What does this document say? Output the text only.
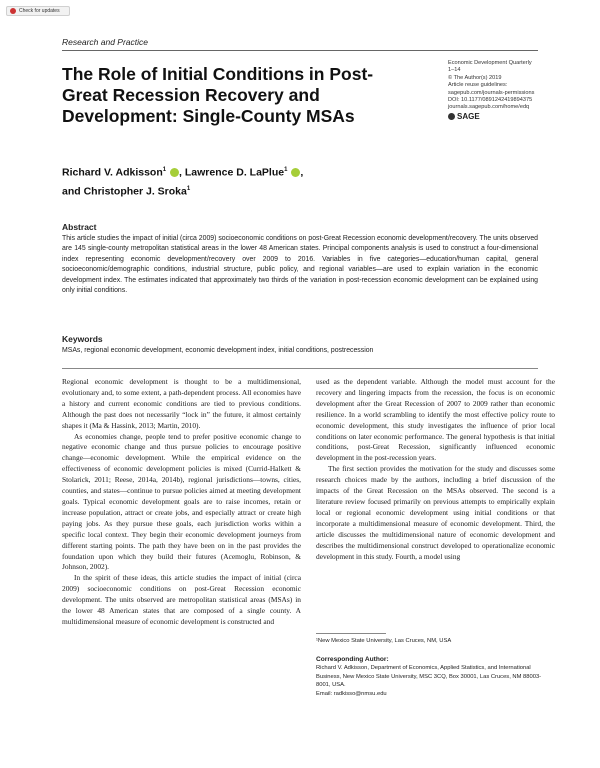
Check for updates
Research and Practice
The Role of Initial Conditions in Post-Great Recession Recovery and Development: Single-County MSAs
Economic Development Quarterly
1–14
© The Author(s) 2019
Article reuse guidelines:
sagepub.com/journals-permissions
DOI: 10.1177/0891242419894375
journals.sagepub.com/home/edq
SAGE
Richard V. Adkisson$^1$ , Lawrence D. LaPlue$^1$ ,
and Christopher J. Sroka$^1$
Abstract
This article studies the impact of initial (circa 2009) socioeconomic conditions on post-Great Recession economic development/recovery. The units observed are 145 single-county metropolitan statistical areas in the lower 48 American states. Principal components analysis is used to construct a four-dimensional index representing economic development/recovery over 2009 to 2016. Variables in five categories—education/human capital, general socioeconomic/demographic conditions, industrial structure, public policy, and regional variables—are used to explain variation in the economic development index. The estimates indicated that approximately two thirds of the variation in post-recession economic development can be explained using only initial conditions.
Keywords
MSAs, regional economic development, economic development index, initial conditions, postrecession

Regional economic development is thought to be a multidimensional, evolutionary and, to some extent, a path-dependent process. All economies have a history and current economic conditions are tied to previous conditions. Although the past does not necessarily “lock in” the future, it almost certainly shapes it (Ma & Hassink, 2013; Martin, 2010).

As economies change, people tend to prefer positive economic change to negative economic change and thus pursue policies to encourage positive change—economic development. While the empirical evidence on the effectiveness of economic development policies is mixed (Currid-Halkett & Stolarick, 2011; Reese, 2014a, 2014b), regional jurisdictions—towns, cities, counties, and states—continue to pursue policies aimed at meeting development goals. Typical economic development goals are to raise incomes, retain or increase population, attract or create jobs, and especially attract or create high paying jobs. As they pursue these goals, each jurisdiction works within a specific local context. They begin their economic development journeys from different starting points. The path they have been on in the past provides the foundation upon which they build their futures (Acemoglu, Robinson, & Johnson, 2002).

In the spirit of these ideas, this article studies the impact of initial (circa 2009) socioeconomic conditions on post-Great Recession economic development. The units observed are metropolitan statistical areas (MSAs) in the lower 48 American states that are composed of a single county. A multidimensional measure of economic development is constructed and

used as the dependent variable. Although the model must account for the recovery and lingering impacts from the recession, the focus is on economic development after the Great Recession of 2007 to 2009 rather than economic resilience. In a world scrambling to identify the most effective policy route to economic development, this study investigates the influence of prior local conditions on later economic performance. The general hypothesis is that initial conditions, post-Great Recession, significantly influenced economic development in the post-recession years.

The first section provides the motivation for the study and discusses some research choices made by the authors, including a brief discussion of the impacts of the Great Recession on the MSAs observed. The second is a literature review focused primarily on previous attempts to empirically explain local or regional economic development using initial conditions or that incorporate a multidimensional measure of economic development. Third, the article discusses the multidimensional nature of economic development and describes the multidimensional construct developed to operationalize economic development in this study. Fourth, a model using

¹New Mexico State University, Las Cruces, NM, USA
Corresponding Author:
Richard V. Adkisson, Department of Economics, Applied Statistics, and International Business, New Mexico State University, MSC 3CQ, Box 30001, Las Cruces, NM 88003-8001, USA.
Email: radkisso@nmsu.edu
